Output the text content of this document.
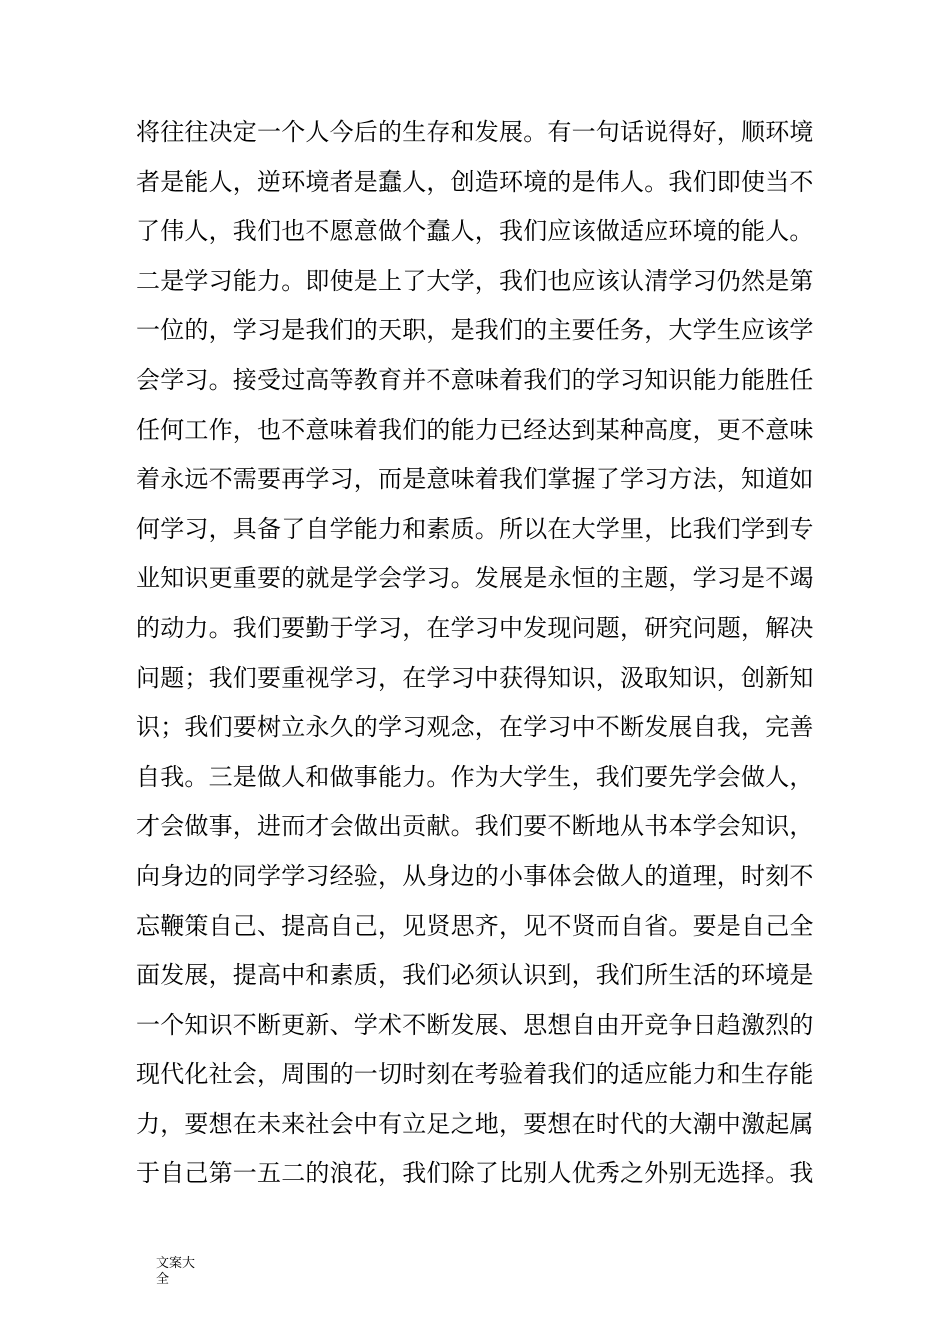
将往往决定一个人今后的生存和发展。有一句话说得好，顺环境
者是能人，逆环境者是蠢人，创造环境的是伟人。我们即使当不
了伟人，我们也不愿意做个蠢人，我们应该做适应环境的能人。
二是学习能力。即使是上了大学，我们也应该认清学习仍然是第
一位的，学习是我们的天职，是我们的主要任务，大学生应该学
会学习。接受过高等教育并不意味着我们的学习知识能力能胜任
任何工作，也不意味着我们的能力已经达到某种高度，更不意味
着永远不需要再学习，而是意味着我们掌握了学习方法，知道如
何学习，具备了自学能力和素质。所以在大学里，比我们学到专
业知识更重要的就是学会学习。发展是永恒的主题，学习是不竭
的动力。我们要勤于学习，在学习中发现问题，研究问题，解决
问题；我们要重视学习，在学习中获得知识，汲取知识，创新知
识；我们要树立永久的学习观念，在学习中不断发展自我，完善
自我。三是做人和做事能力。作为大学生，我们要先学会做人，
才会做事，进而才会做出贡献。我们要不断地从书本学会知识，
向身边的同学学习经验，从身边的小事体会做人的道理，时刻不
忘鞭策自己、提高自己，见贤思齐，见不贤而自省。要是自己全
面发展，提高中和素质，我们必须认识到，我们所生活的环境是
一个知识不断更新、学术不断发展、思想自由开竞争日趋激烈的
现代化社会，周围的一切时刻在考验着我们的适应能力和生存能
力，要想在未来社会中有立足之地，要想在时代的大潮中激起属
于自己第一五二的浪花，我们除了比别人优秀之外别无选择。我
文案大
全
